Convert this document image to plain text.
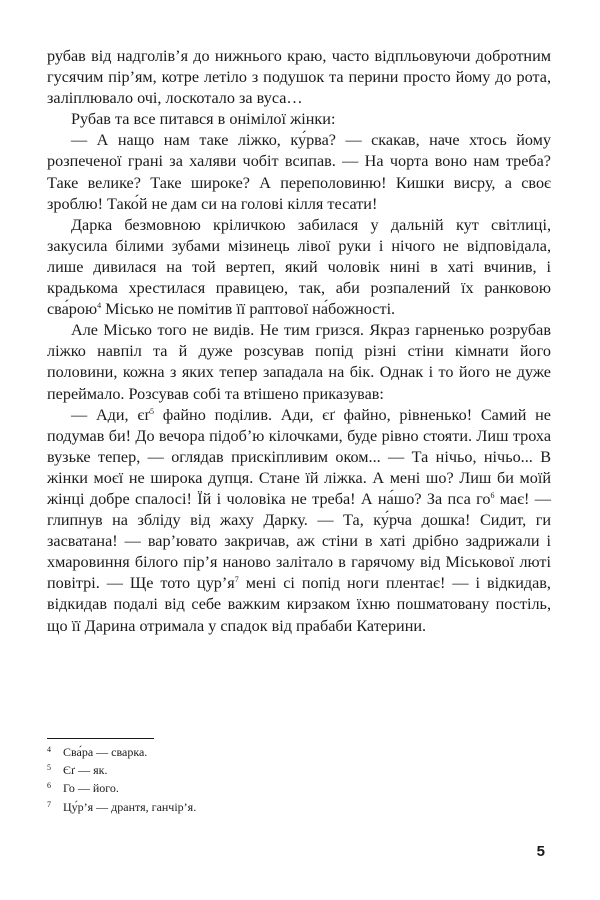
рубав від надголів’я до нижнього краю, часто відпльовуючи добротним гусячим пір’ям, котре летіло з подушок та перини просто йому до рота, заліплювало очі, лоскотало за вуса…

Рубав та все питався в онімілої жінки:

— А нащо нам таке ліжко, ку́рва? — скакав, наче хтось йому розпеченої грані за халяви чобіт всипав. — На чорта воно нам треба? Таке велике? Таке широке? А переполовиню! Кишки висру, а своє зроблю! Тако́й не дам си на голові кілля тесати!

Дарка безмовною кріличкою забилася у дальній кут світлиці, закусила білими зубами мізинець лівої руки і нічого не відповідала, лише дивилася на той вертеп, який чоловік нині в хаті вчинив, і крадькома хрестилася правицею, так, аби розпалений їх ранковою сва́рою$^4$ Місько не помітив її раптової на́божності.

Але Місько того не видів. Не тим гризся. Якраз гарненько розрубав ліжко навпіл та й дуже розсував попід різні стіни кімнати його половини, кожна з яких тепер западала на бік. Однак і то його не дуже переймало. Розсував собі та втішено приказував:

— Ади, $єґ^5$ файно поділив. Ади, єґ файно, рівненько! Самий не подумав би! До вечора підоб’ю кілочками, буде рівно стояти. Лиш троха вузьке тепер, — оглядав прискіпливим оком... — Та нічьо, нічьо... В жінки моєї не широка дупця. Стане їй ліжка. А мені шо? Лиш би моїй жінці добре спалосі! Їй і чоловіка не треба! А на́шо? За пса $го^6$ має! — глипнув на збліду від жаху Дарку. — Та, ку́рча дошка! Сидит, ги засватана! — вар’ювато закричав, аж стіни в хаті дрібно задрижали і хмаровиння білого пір’я наново залітало в гарячому від Міськової люті повітрі. — Ще тото $цур’я^7$ мені сі попід ноги плентає! — і відкидав, відкидав подалі від себе важким кирзаком їхню пошматовану постіль, що її Дарина отримала у спадок від прабаби Катерини.

4	Сва́ра — сварка.
5	Єґ — як.
6	Го — його.
7	Цу́р’я — дрантя, ганчір’я.
5
